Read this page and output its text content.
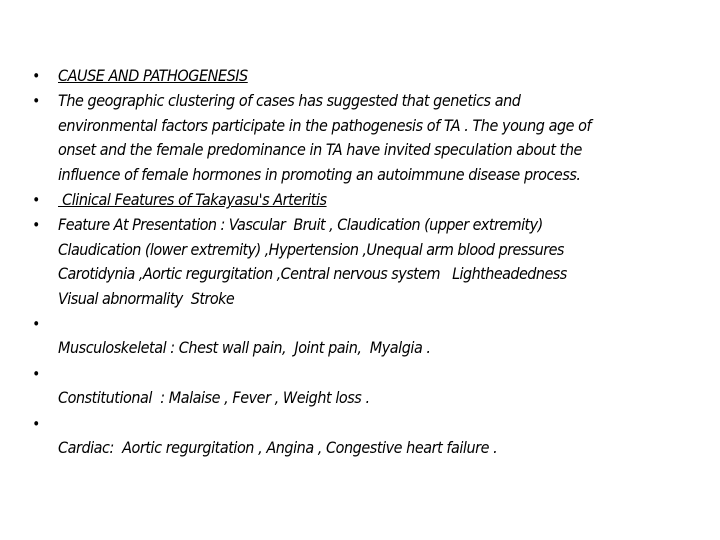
• CAUSE AND PATHOGENESIS
• The geographic clustering of cases has suggested that genetics and
environmental factors participate in the pathogenesis of TA . The young age of
onset and the female predominance in TA have invited speculation about the
influence of female hormones in promoting an autoimmune disease process.
• Clinical Features of Takayasu's Arteritis
• Feature At Presentation : Vascular  Bruit , Claudication (upper extremity)
Claudication (lower extremity) ,Hypertension ,Unequal arm blood pressures
Carotidynia ,Aortic regurgitation ,Central nervous system   Lightheadedness
Visual abnormality  Stroke
•
Musculoskeletal : Chest wall pain,  Joint pain,  Myalgia .
•
Constitutional  : Malaise , Fever , Weight loss .
•
Cardiac:  Aortic regurgitation , Angina , Congestive heart failure .
